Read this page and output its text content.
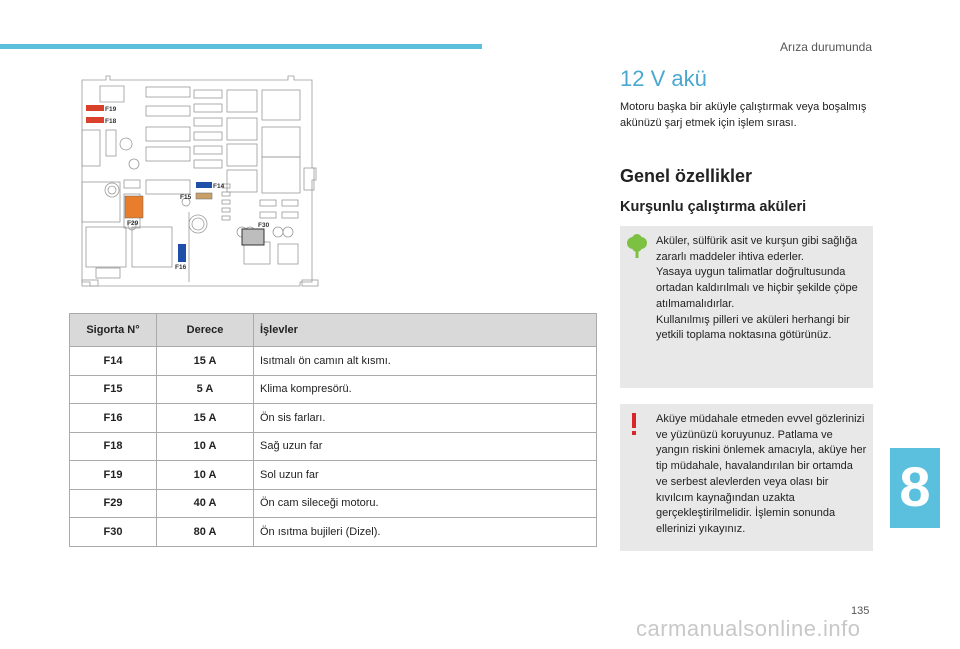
Arıza durumunda
F19
F18
F14
F15
F29	F30
F16
Sigorta N°	Derece	İşlevler
F14	15 A	Isıtmalı ön camın alt kısmı.
F15	5 A	Klima kompresörü.
F16	15 A	Ön sis farları.
F18	10 A	Sağ uzun far
F19	10 A	Sol uzun far
F29	40 A	Ön cam sileceği motoru.
F30	80 A	Ön ısıtma bujileri (Dizel).
12 V akü

Motoru başka bir aküyle çalıştırmak veya boşalmış akünüzü şarj etmek için işlem sırası.

Genel özellikler
Kurşunlu çalıştırma aküleri

Aküler, sülfürik asit ve kurşun gibi sağlığa zararlı maddeler ihtiva ederler.

Yasaya uygun talimatlar doğrultusunda ortadan kaldırılmalı ve hiçbir şekilde çöpe atılmamalıdırlar.

Kullanılmış pilleri ve aküleri herhangi bir yetkili toplama noktasına götürünüz.

Aküye müdahale etmeden evvel gözlerinizi ve yüzünüzü koruyunuz. Patlama ve yangın riskini önlemek amacıyla, aküye her tip müdahale, havalandırılan bir ortamda ve serbest alevlerden veya olası bir kıvılcım kaynağından uzakta gerçekleştirilmelidir. İşlemin sonunda ellerinizi yıkayınız.

8
135
carmanualsonline.info
